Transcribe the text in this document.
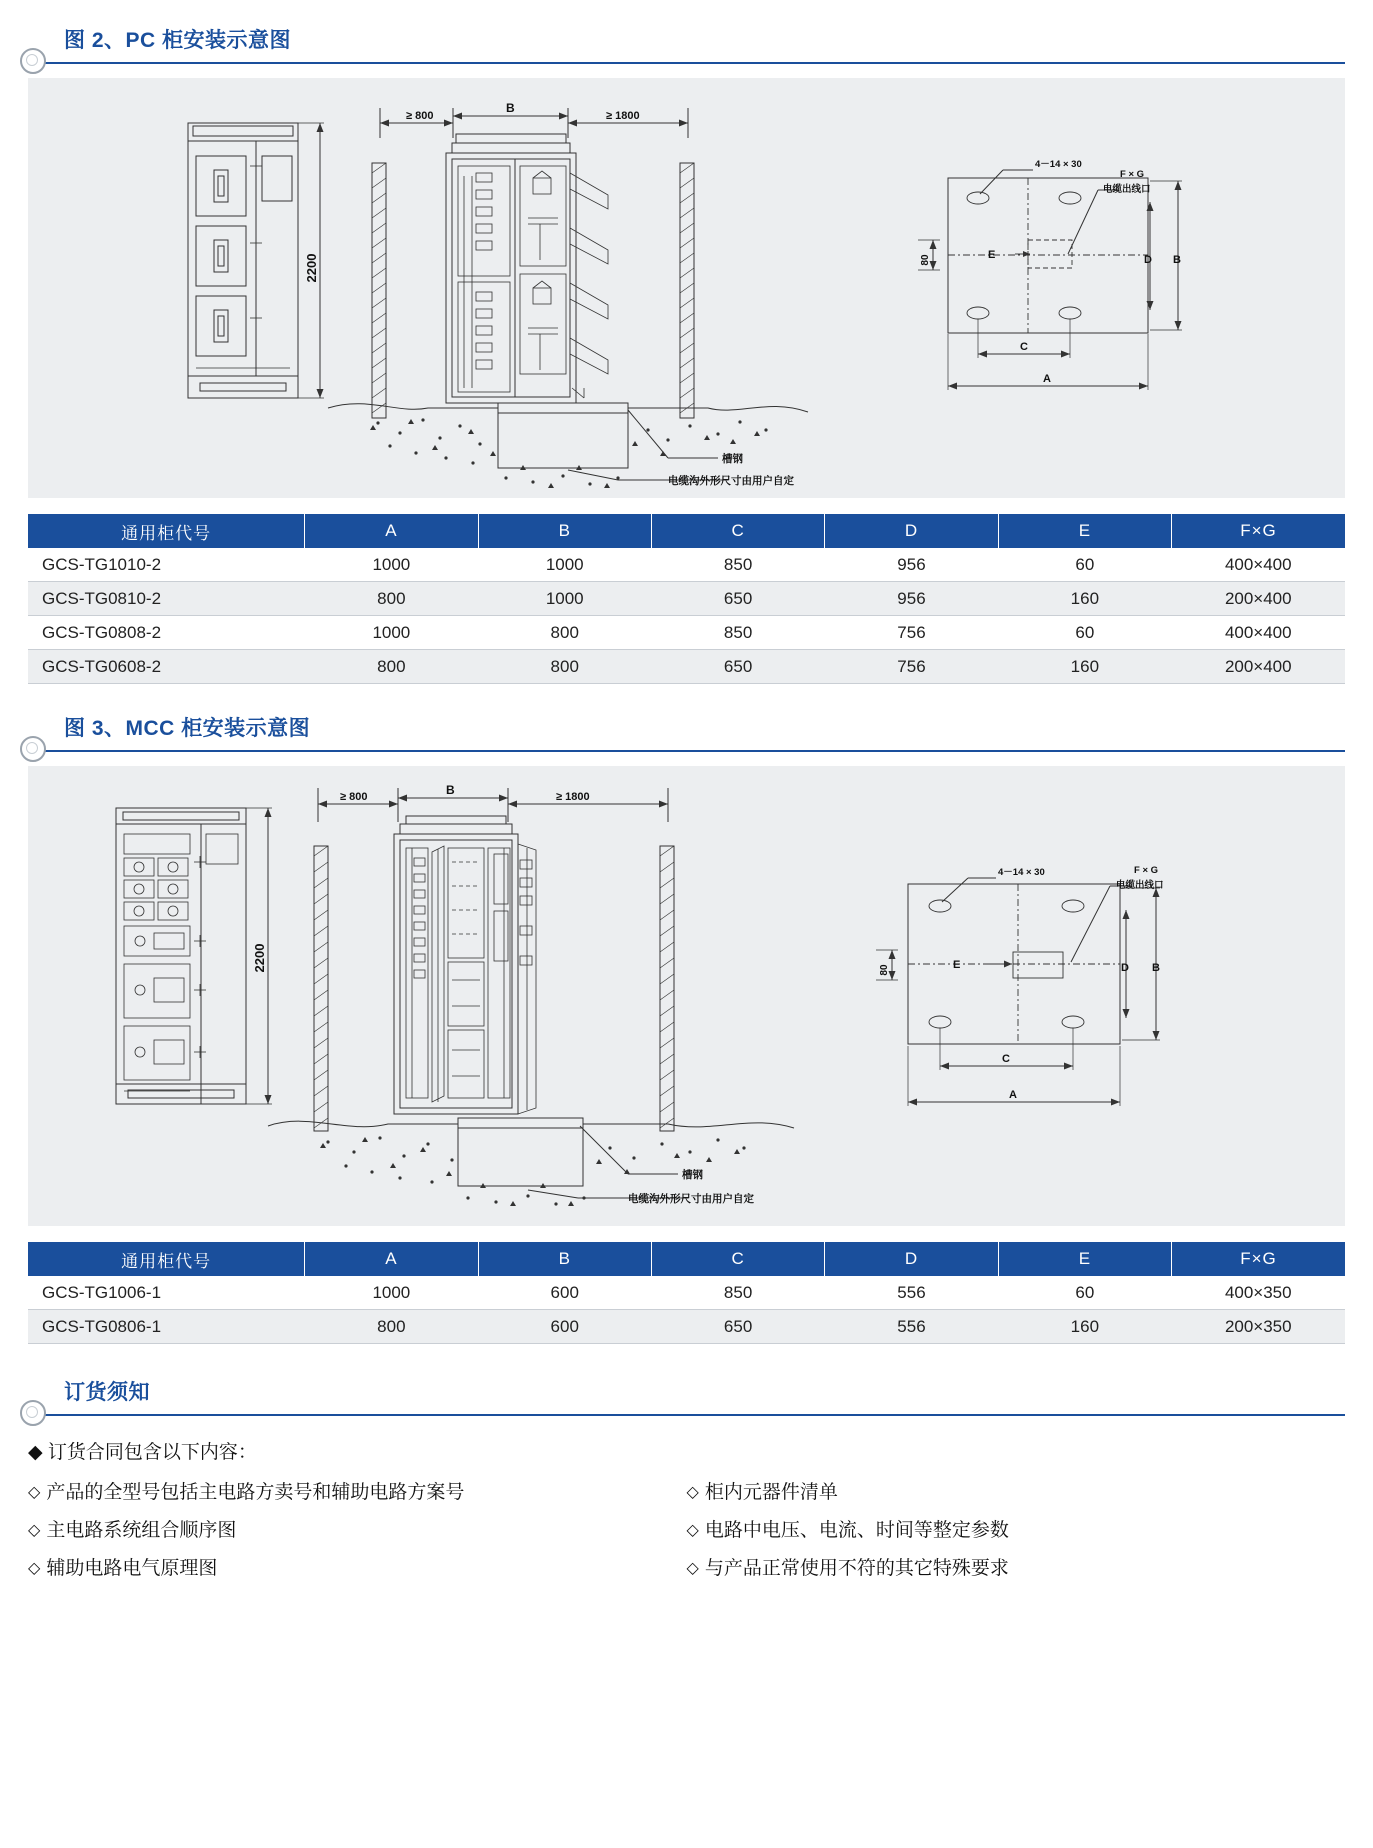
图 2、PC 柜安装示意图
≥ 800
B
≥ 1800
2200
4－14 × 30
F × G
电缆出线口
B
D
E
80
C
A
槽钢
电缆沟外形尺寸由用户自定
通用柜代号	A	B	C	D	E	F×G
GCS-TG1010-2	1000	1000	850	956	60	400×400
GCS-TG0810-2	800	1000	650	956	160	200×400
GCS-TG0808-2	1000	800	850	756	60	400×400
GCS-TG0608-2	800	800	650	756	160	200×400
图 3、MCC 柜安装示意图
≥ 800	B	≥ 1800
2200
4－14 × 30	F × G
电缆出线口
B
D
E
80
C
A
槽钢
电缆沟外形尺寸由用户自定
通用柜代号	A	B	C	D	E	F×G
GCS-TG1006-1	1000	600	850	556	60	400×350
GCS-TG0806-1	800	600	650	556	160	200×350
订货须知
◆ 订货合同包含以下内容：
◇ 产品的全型号包括主电路方卖号和辅助电路方案号
◇ 主电路系统组合顺序图
◇ 辅助电路电气原理图
◇ 柜内元器件清单
◇ 电路中电压、电流、时间等整定参数
◇ 与产品正常使用不符的其它特殊要求
